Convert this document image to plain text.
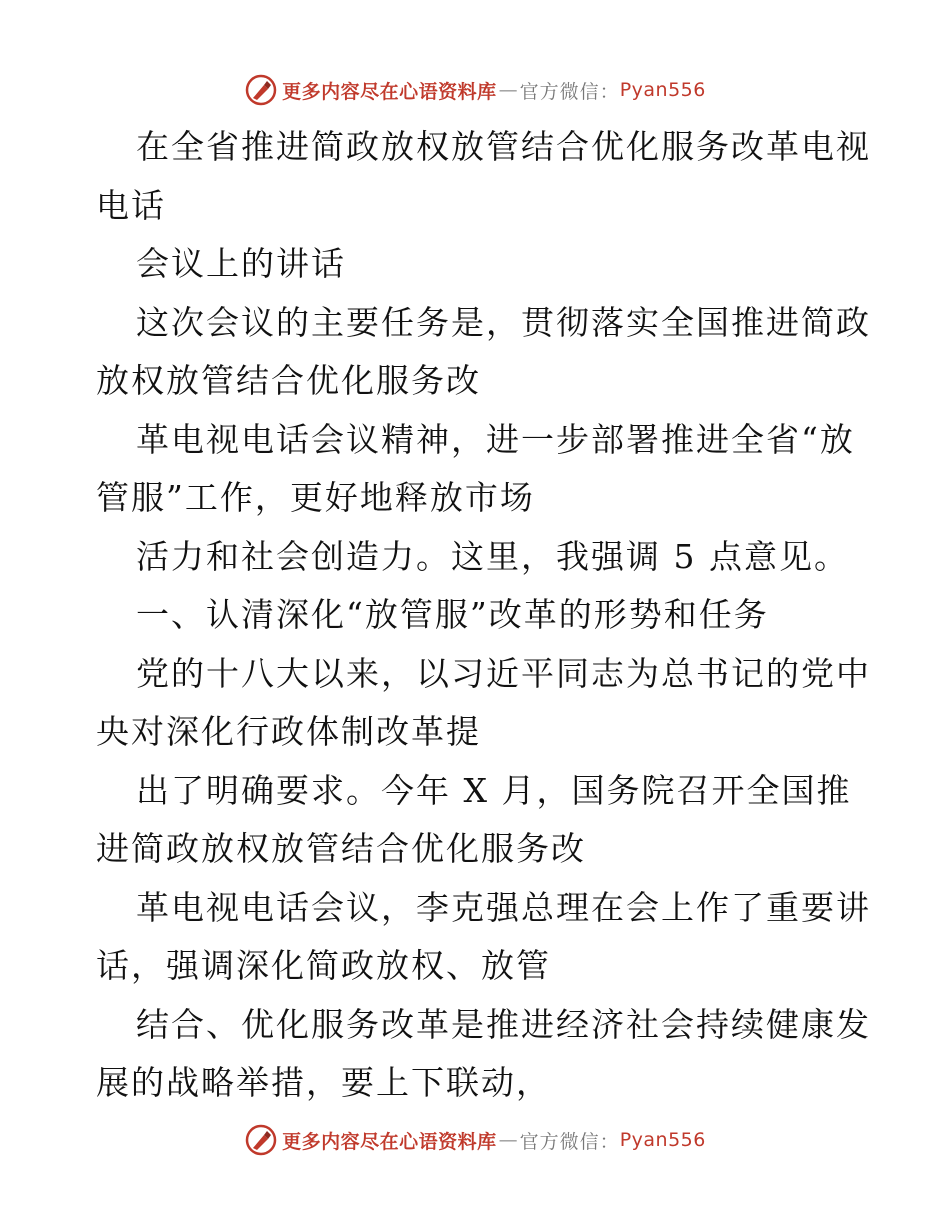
更多内容尽在心语资料库 — 官方微信： Pyan556
在全省推进简政放权放管结合优化服务改革电视
电话
会议上的讲话
这次会议的主要任务是，贯彻落实全国推进简政
放权放管结合优化服务改
革电视电话会议精神，进一步部署推进全省“放
管服”工作，更好地释放市场
活力和社会创造力。这里，我强调 5 点意见。
一、认清深化“放管服”改革的形势和任务
党的十八大以来，以习近平同志为总书记的党中
央对深化行政体制改革提
出了明确要求。今年 X 月，国务院召开全国推
进简政放权放管结合优化服务改
革电视电话会议，李克强总理在会上作了重要讲
话，强调深化简政放权、放管
结合、优化服务改革是推进经济社会持续健康发
展的战略举措，要上下联动，
更多内容尽在心语资料库 — 官方微信： Pyan556
